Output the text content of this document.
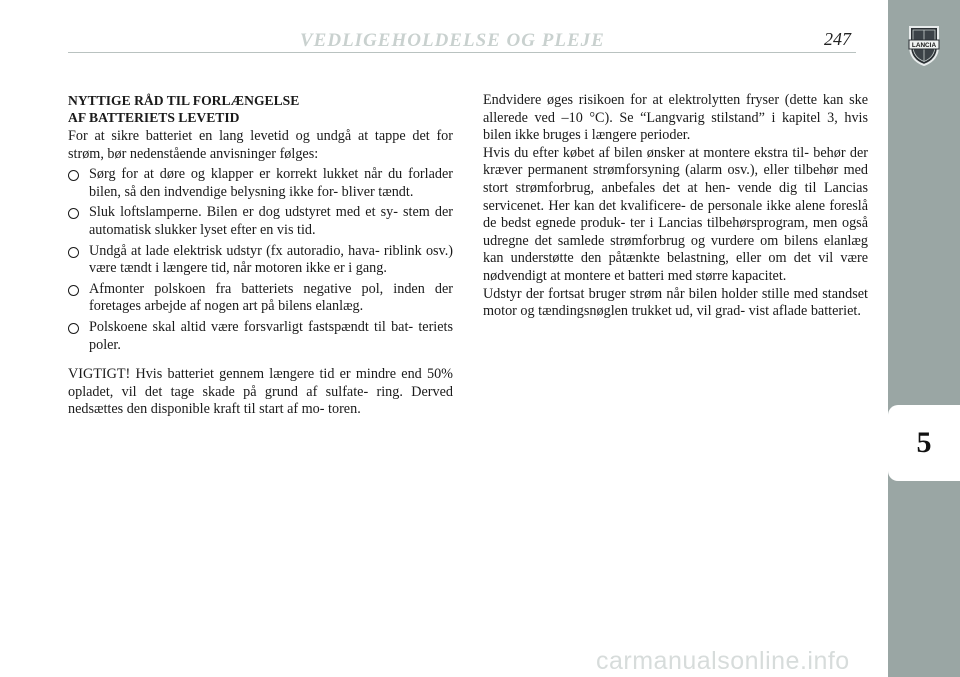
VEDLIGEHOLDELSE OG PLEJE	247	LANCIA
5
NYTTIGE RÅD TIL FORLÆNGELSE
AF BATTERIETS LEVETID

For at sikre batteriet en lang levetid og undgå at tappe det for strøm, bør nedenstående anvisninger følges:

Sørg for at døre og klapper er korrekt lukket når du forlader bilen, så den indvendige belysning ikke for- bliver tændt.
Sluk loftslamperne. Bilen er dog udstyret med et sy- stem der automatisk slukker lyset efter en vis tid.
Undgå at lade elektrisk udstyr (fx autoradio, hava- riblink osv.) være tændt i længere tid, når motoren ikke er i gang.
Afmonter polskoen fra batteriets negative pol, inden der foretages arbejde af nogen art på bilens elanlæg.
Polskoene skal altid være forsvarligt fastspændt til bat- teriets poler.

VIGTIGT! Hvis batteriet gennem længere tid er mindre end 50% opladet, vil det tage skade på grund af sulfate- ring. Derved nedsættes den disponible kraft til start af mo- toren.

Endvidere øges risikoen for at elektrolytten fryser (dette kan ske allerede ved –10 °C). Se “Langvarig stilstand” i kapitel 3, hvis bilen ikke bruges i længere perioder.

Hvis du efter købet af bilen ønsker at montere ekstra til- behør der kræver permanent strømforsyning (alarm osv.), eller tilbehør med stort strømforbrug, anbefales det at hen- vende dig til Lancias servicenet. Her kan det kvalificere- de personale ikke alene foreslå de bedst egnede produk- ter i Lancias tilbehørsprogram, men også udregne det samlede strømforbrug og vurdere om bilens elanlæg kan understøtte den påtænkte belastning, eller om det vil være nødvendigt at montere et batteri med større kapacitet.

Udstyr der fortsat bruger strøm når bilen holder stille med standset motor og tændingsnøglen trukket ud, vil grad- vist aflade batteriet.

carmanualsonline.info
